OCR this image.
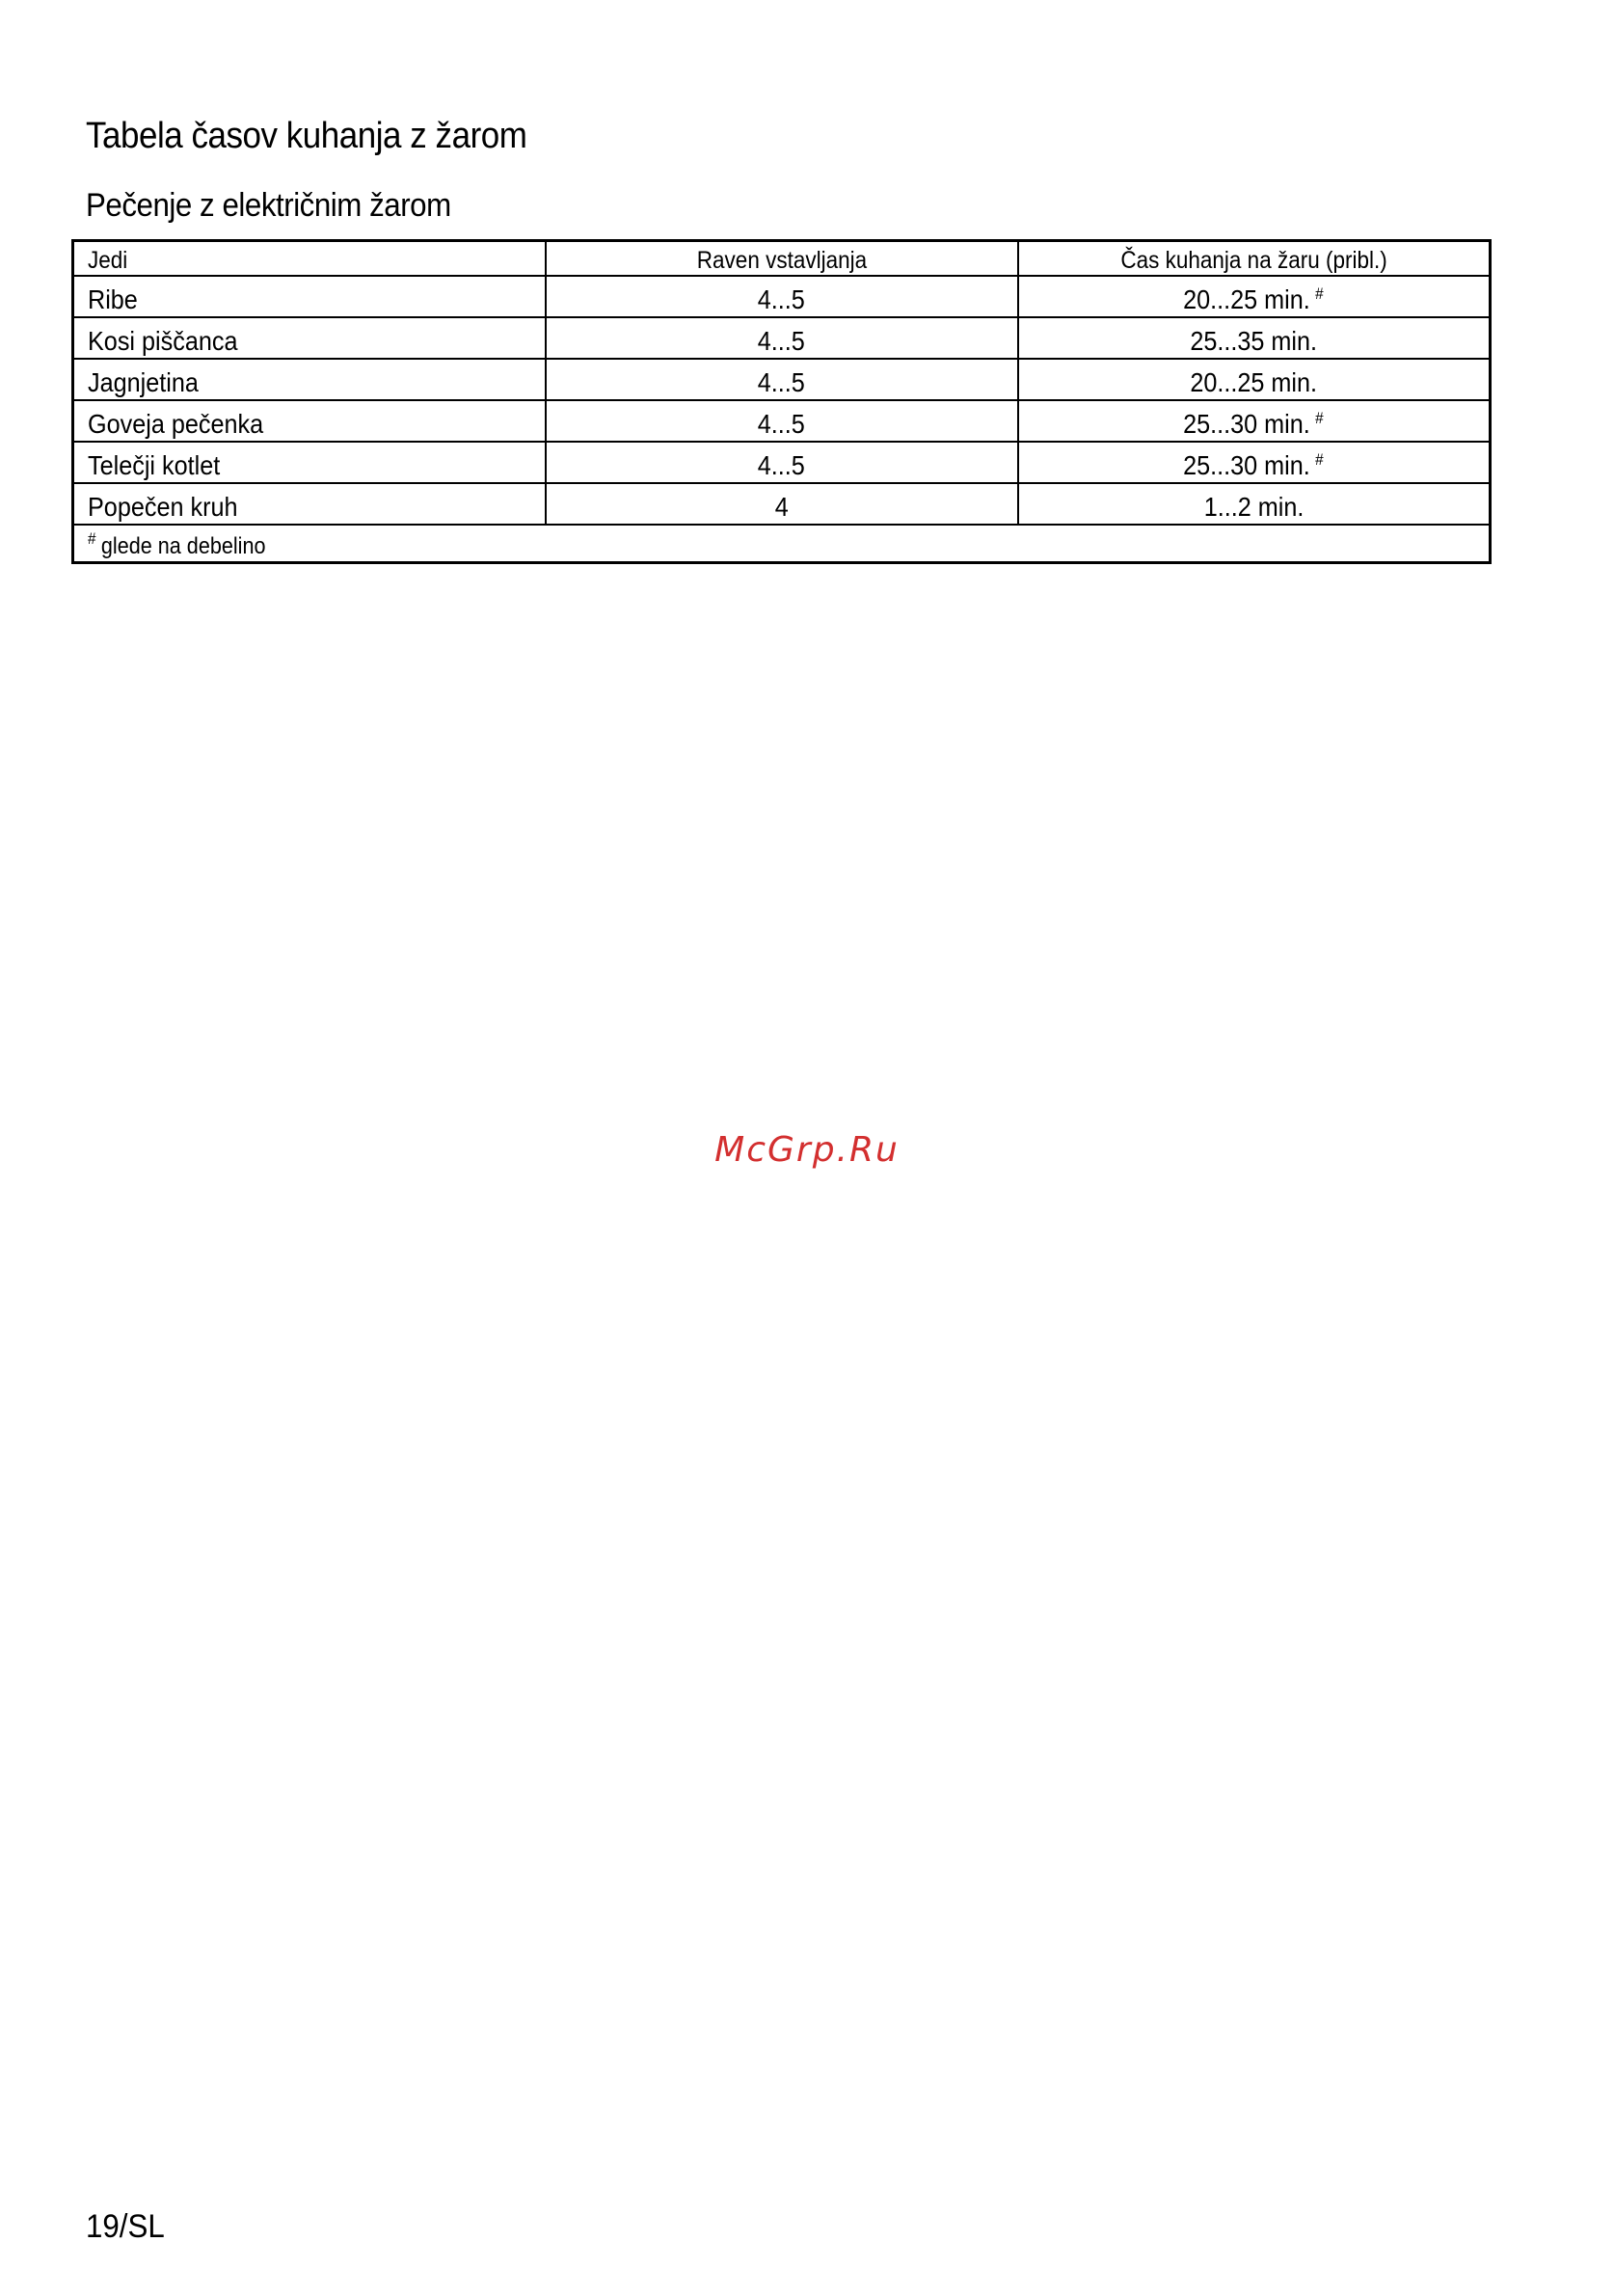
Tabela časov kuhanja z žarom
Pečenje z električnim žarom
Jedi	Raven vstavljanja	Čas kuhanja na žaru (pribl.)
Ribe	4...5	20...25 min. #
Kosi piščanca	4...5	25...35 min.
Jagnjetina	4...5	20...25 min.
Goveja pečenka	4...5	25...30 min. #
Telečji kotlet	4...5	25...30 min. #
Popečen kruh	4	1...2 min.
# glede na debelino		
McGrp.Ru
19/SL
